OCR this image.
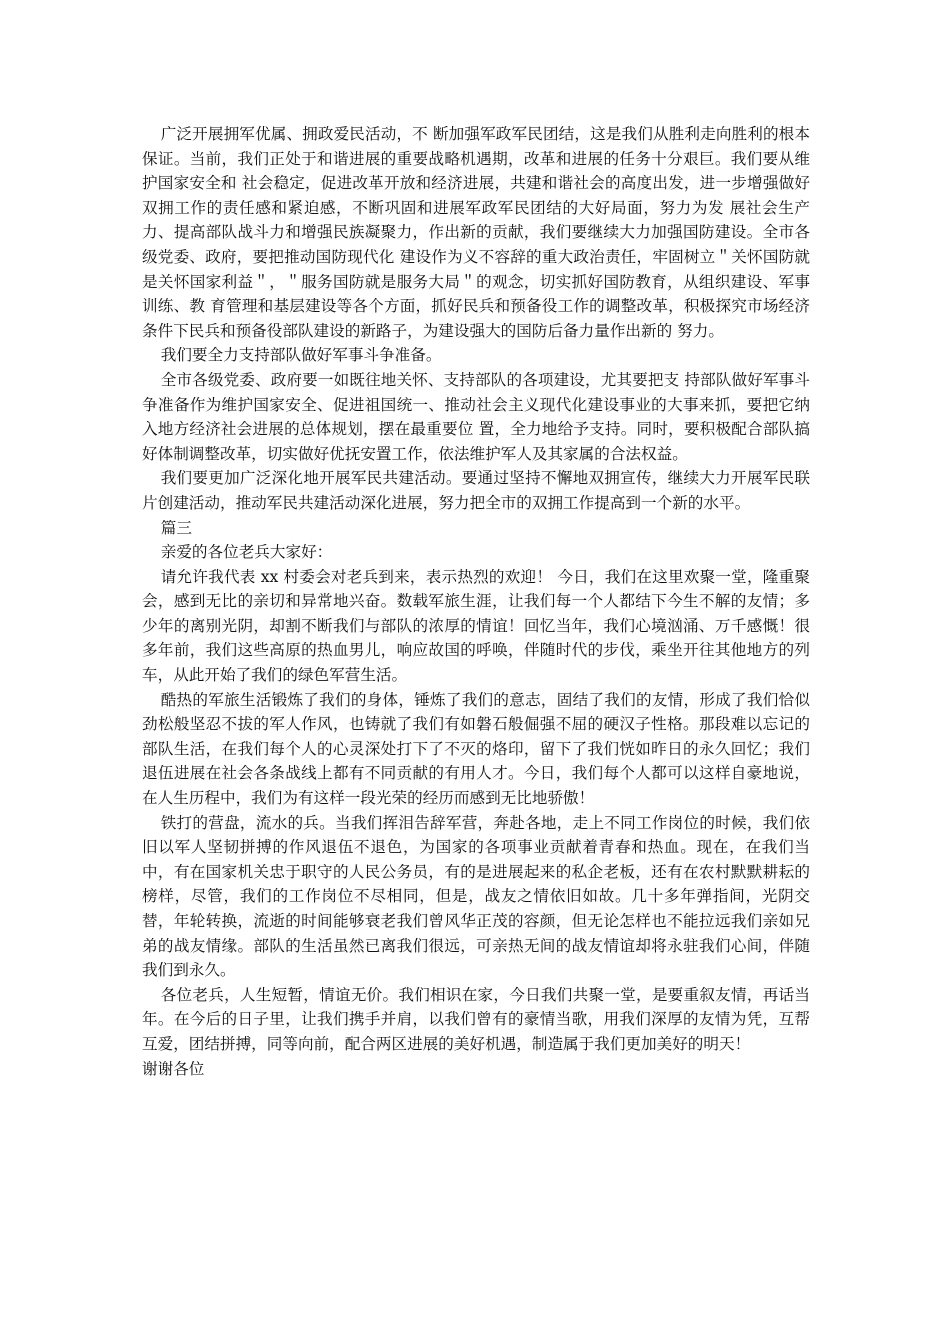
广泛开展拥军优属、拥政爱民活动，不 断加强军政军民团结，这是我们从胜利走向胜利的根本保证。当前，我们正处于和谐进展的重要战略机遇期，改革和进展的任务十分艰巨。我们要从维护国家安全和 社会稳定，促进改革开放和经济进展，共建和谐社会的高度出发，进一步增强做好双拥工作的责任感和紧迫感，不断巩固和进展军政军民团结的大好局面，努力为发 展社会生产力、提高部队战斗力和增强民族凝聚力，作出新的贡献，我们要继续大力加强国防建设。全市各级党委、政府，要把推动国防现代化 建设作为义不容辞的重大政治责任，牢固树立＂关怀国防就是关怀国家利益＂，＂服务国防就是服务大局＂的观念，切实抓好国防教育，从组织建设、军事训练、教 育管理和基层建设等各个方面，抓好民兵和预备役工作的调整改革，积极探究市场经济条件下民兵和预备役部队建设的新路子，为建设强大的国防后备力量作出新的 努力。

我们要全力支持部队做好军事斗争准备。

全市各级党委、政府要一如既往地关怀、支持部队的各项建设，尤其要把支 持部队做好军事斗争准备作为维护国家安全、促进祖国统一、推动社会主义现代化建设事业的大事来抓，要把它纳入地方经济社会进展的总体规划，摆在最重要位 置，全力地给予支持。同时，要积极配合部队搞好体制调整改革，切实做好优抚安置工作，依法维护军人及其家属的合法权益。

我们要更加广泛深化地开展军民共建活动。要通过坚持不懈地双拥宣传，继续大力开展军民联片创建活动，推动军民共建活动深化进展，努力把全市的双拥工作提高到一个新的水平。

篇三

亲爱的各位老兵大家好：

请允许我代表 xx 村委会对老兵到来，表示热烈的欢迎！ 今日，我们在这里欢聚一堂，隆重聚会，感到无比的亲切和异常地兴奋。数载军旅生涯，让我们每一个人都结下今生不解的友情；多少年的离别光阴，却割不断我们与部队的浓厚的情谊！回忆当年，我们心境汹涌、万千感慨！很多年前，我们这些高原的热血男儿，响应故国的呼唤，伴随时代的步伐，乘坐开往其他地方的列车，从此开始了我们的绿色军营生活。

酷热的军旅生活锻炼了我们的身体，锤炼了我们的意志，固结了我们的友情，形成了我们恰似劲松般坚忍不拔的军人作风，也铸就了我们有如磐石般倔强不屈的硬汉子性格。那段难以忘记的部队生活，在我们每个人的心灵深处打下了不灭的烙印，留下了我们恍如昨日的永久回忆；我们退伍进展在社会各条战线上都有不同贡献的有用人才。今日，我们每个人都可以这样自豪地说，在人生历程中，我们为有这样一段光荣的经历而感到无比地骄傲！

铁打的营盘，流水的兵。当我们挥泪告辞军营，奔赴各地，走上不同工作岗位的时候，我们依旧以军人坚韧拼搏的作风退伍不退色，为国家的各项事业贡献着青春和热血。现在，在我们当中，有在国家机关忠于职守的人民公务员，有的是进展起来的私企老板，还有在农村默默耕耘的榜样，尽管，我们的工作岗位不尽相同，但是，战友之情依旧如故。几十多年弹指间，光阴交替，年轮转换，流逝的时间能够衰老我们曾风华正茂的容颜，但无论怎样也不能拉远我们亲如兄弟的战友情缘。部队的生活虽然已离我们很远，可亲热无间的战友情谊却将永驻我们心间，伴随我们到永久。

各位老兵，人生短暂，情谊无价。我们相识在家，今日我们共聚一堂，是要重叙友情，再话当年。在今后的日子里，让我们携手并肩，以我们曾有的豪情当歌，用我们深厚的友情为凭，互帮互爱，团结拼搏，同等向前，配合两区进展的美好机遇，制造属于我们更加美好的明天！

谢谢各位
